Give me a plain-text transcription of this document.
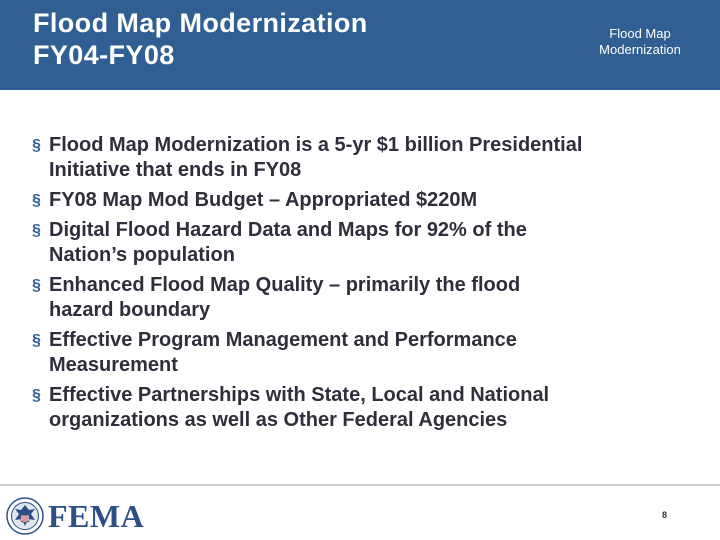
Flood Map Modernization
FY04-FY08
Flood Map
Modernization
§ Flood Map Modernization is a 5-yr $1 billion Presidential
Initiative that ends in FY08
§ FY08 Map Mod Budget – Appropriated $220M
§ Digital Flood Hazard Data and Maps for 92% of the
Nation’s population
§ Enhanced Flood Map Quality – primarily the flood
hazard boundary
§ Effective Program Management and Performance
Measurement
§ Effective Partnerships with State, Local and National
organizations as well as Other Federal Agencies
FEMA	8
